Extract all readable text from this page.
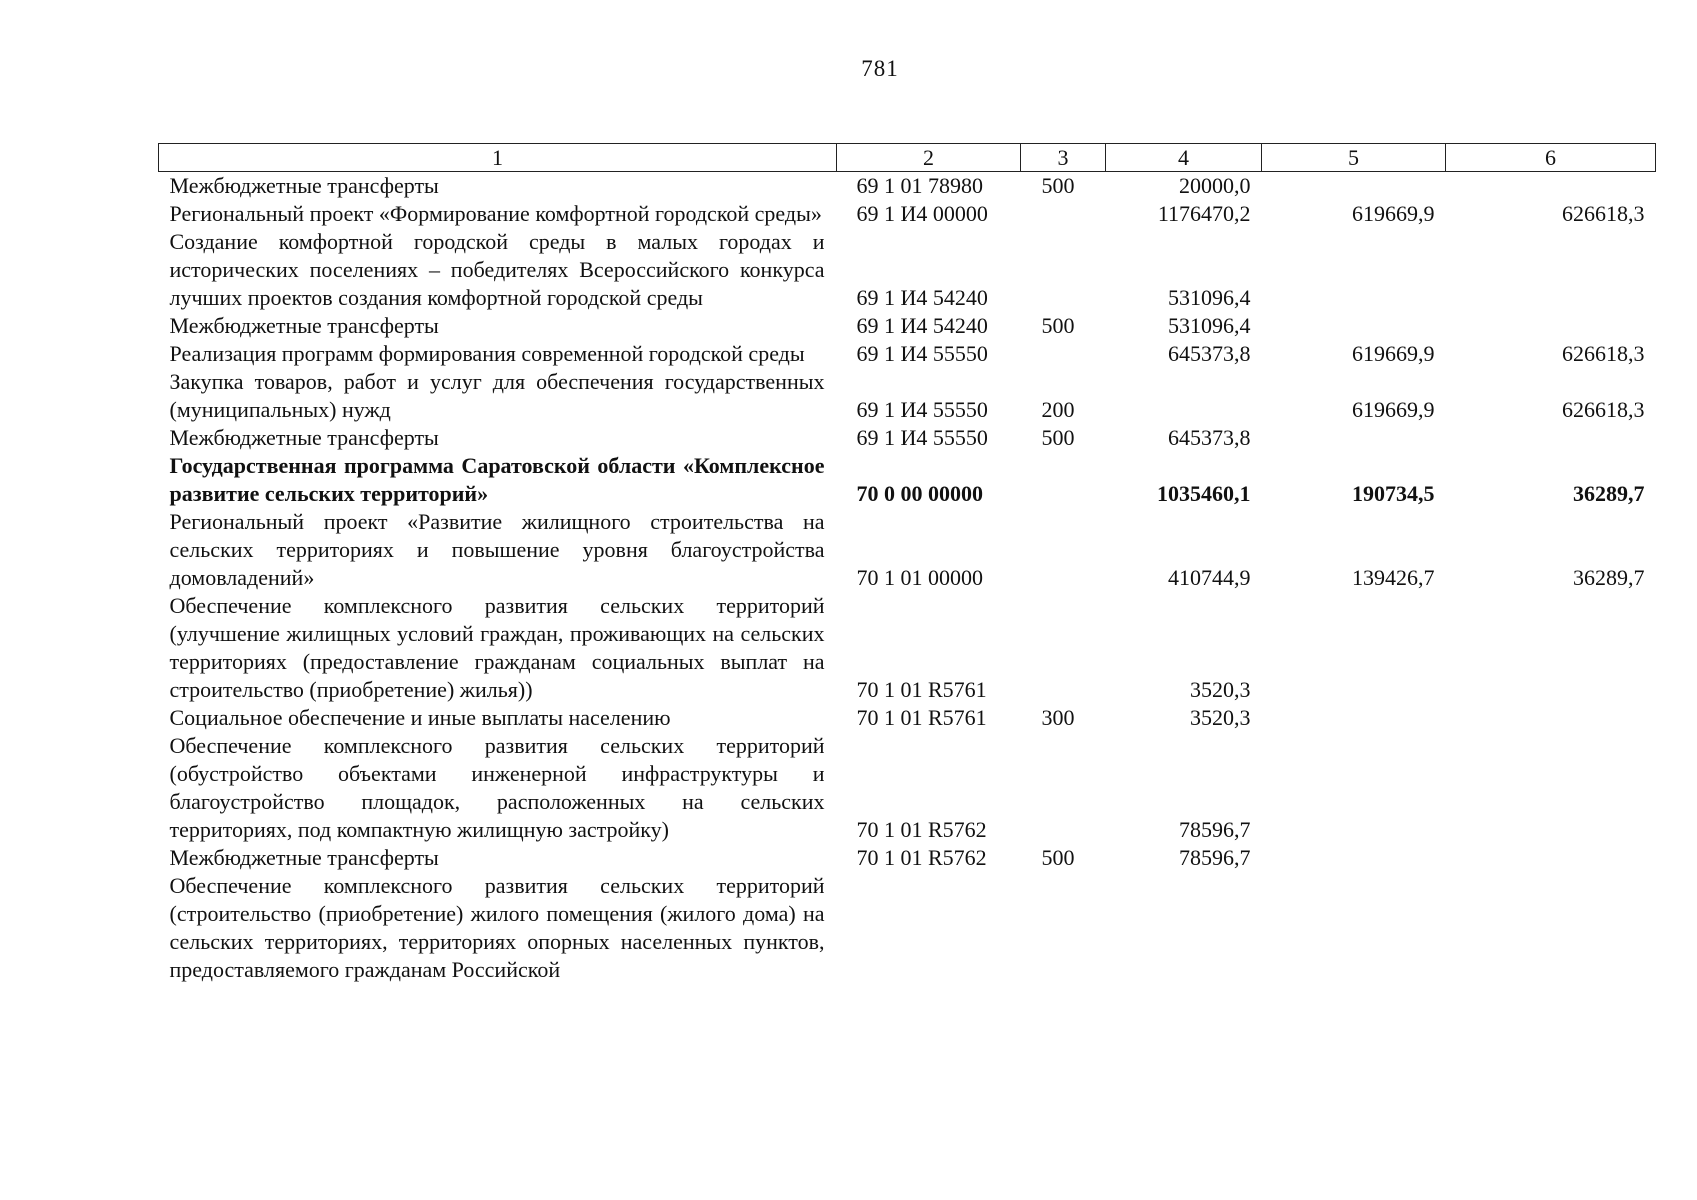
781
1	2	3	4	5	6
Межбюджетные трансферты	69 1 01 78980	500	20000,0		
Региональный проект «Формирование комфортной городской среды»	69 1 И4 00000		1176470,2	619669,9	626618,3
Создание комфортной городской среды в малых городах и исторических поселениях – победителях Всероссийского конкурса лучших проектов создания комфортной городской среды	69 1 И4 54240		531096,4		
Межбюджетные трансферты	69 1 И4 54240	500	531096,4		
Реализация программ формирования современной городской среды	69 1 И4 55550		645373,8	619669,9	626618,3
Закупка товаров, работ и услуг для обеспечения государственных (муниципальных) нужд	69 1 И4 55550	200		619669,9	626618,3
Межбюджетные трансферты	69 1 И4 55550	500	645373,8		
Государственная программа Саратовской области «Комплексное развитие сельских территорий»	70 0 00 00000		1035460,1	190734,5	36289,7
Региональный проект «Развитие жилищного строительства на сельских территориях и повышение уровня благоустройства домовладений»	70 1 01 00000		410744,9	139426,7	36289,7
Обеспечение комплексного развития сельских территорий (улучшение жилищных условий граждан, проживающих на сельских территориях (предоставление гражданам социальных выплат на строительство (приобретение) жилья))	70 1 01 R5761		3520,3		
Социальное обеспечение и иные выплаты населению	70 1 01 R5761	300	3520,3		
Обеспечение комплексного развития сельских территорий (обустройство объектами инженерной инфраструктуры и благоустройство площадок, расположенных на сельских территориях, под компактную жилищную застройку)	70 1 01 R5762		78596,7		
Межбюджетные трансферты	70 1 01 R5762	500	78596,7		
Обеспечение комплексного развития сельских территорий (строительство (приобретение) жилого помещения (жилого дома) на сельских территориях, территориях опорных населенных пунктов, предоставляемого гражданам Российской					
